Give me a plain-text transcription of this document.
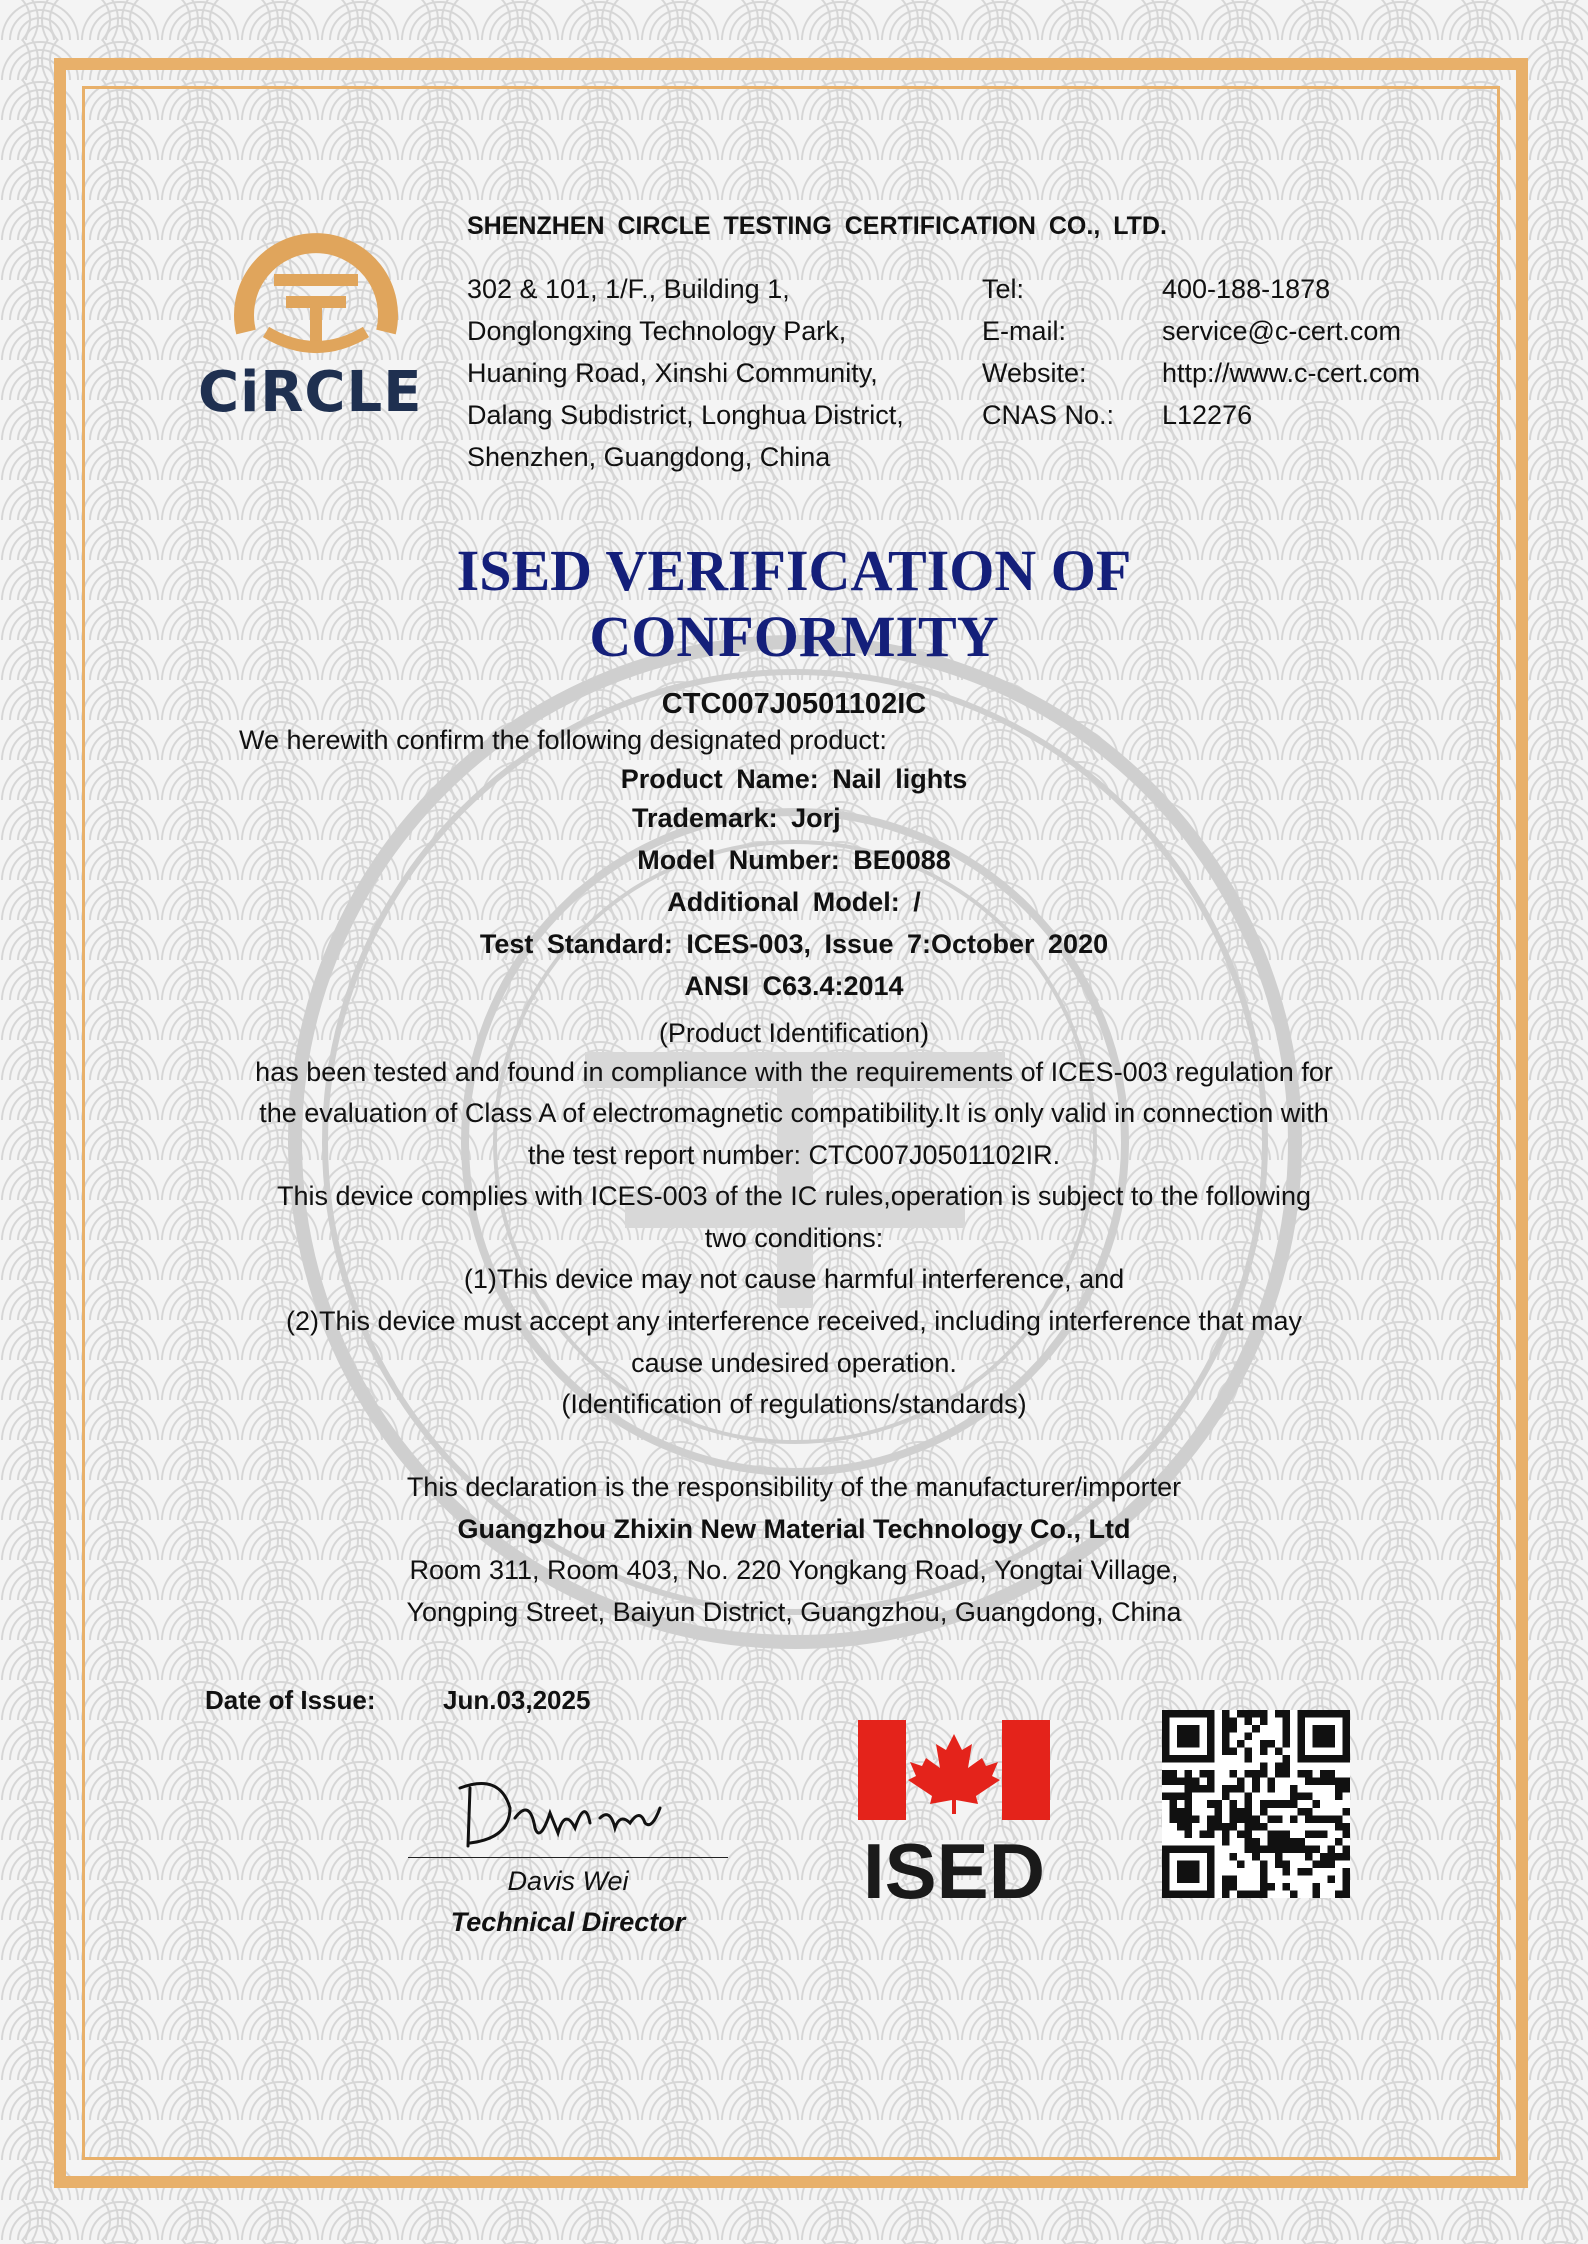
CiRCLE
SHENZHEN CIRCLE TESTING CERTIFICATION CO., LTD.
302 & 101, 1/F., Building 1,
Donglongxing Technology Park,
Huaning Road, Xinshi Community,
Dalang Subdistrict, Longhua District,
Shenzhen, Guangdong, China
Tel:	400-188-1878
E-mail:	service@c-cert.com
Website:	http://www.c-cert.com
CNAS No.:	L12276
ISED VERIFICATION OF
CONFORMITY
CTC007J0501102IC
We herewith confirm the following designated product:
Product Name: Nail lights
Trademark: Jorj
Model Number: BE0088
Additional Model: /
Test Standard: ICES-003, Issue 7:October 2020
ANSI C63.4:2014
(Product Identification)
has been tested and found in compliance with the requirements of ICES-003 regulation for
the evaluation of Class A of electromagnetic compatibility.It is only valid in connection with
the test report number: CTC007J0501102IR.
This device complies with ICES-003 of the IC rules,operation is subject to the following
two conditions:
(1)This device may not cause harmful interference, and
(2)This device must accept any interference received, including interference that may
cause undesired operation.
(Identification of regulations/standards)
This declaration is the responsibility of the manufacturer/importer
Guangzhou Zhixin New Material Technology Co., Ltd
Room 311, Room 403, No. 220 Yongkang Road, Yongtai Village,
Yongping Street, Baiyun District, Guangzhou, Guangdong, China
Date of Issue:	Jun.03,2025
Davis Wei
Technical Director
ISED
